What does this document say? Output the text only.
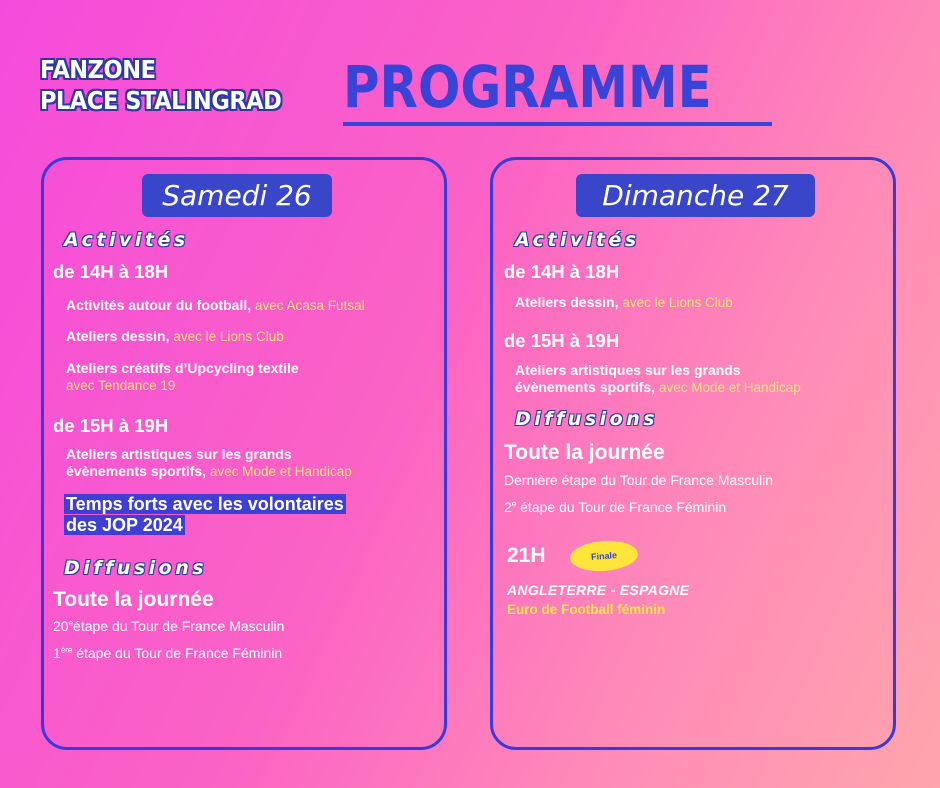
FANZONE
PLACE STALINGRAD PROGRAMME
Samedi 26
Activités
de 14H à 18H
Activités autour du football, avec Acasa Futsal
Ateliers dessin, avec le Lions Club
Ateliers créatifs d’Upcycling textile
avec Tendance 19
de 15H à 19H
Ateliers artistiques sur les grands
évènements sportifs, avec Mode et Handicap
Temps forts avec les volontaires
des JOP 2024
Diffusions
Toute la journée
20eétape du Tour de France Masculin
1ère étape du Tour de France Féminin
Dimanche 27
Activités
de 14H à 18H
Ateliers dessin, avec le Lions Club
de 15H à 19H
Ateliers artistiques sur les grands
évènements sportifs, avec Mode et Handicap
Diffusions
Toute la journée
Dernière étape du Tour de France Masculin
2e étape du Tour de France Féminin
21H	Finale
ANGLETERRE - ESPAGNE
Euro de Football féminin
